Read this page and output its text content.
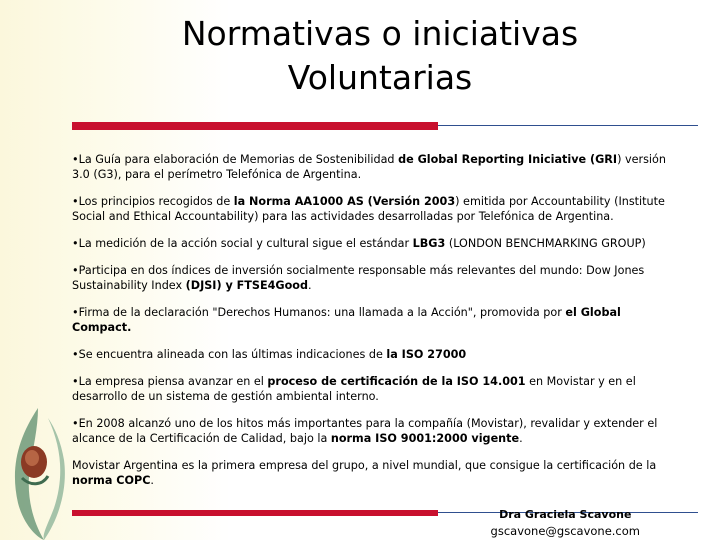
Normativas o iniciativas
Voluntarias

•La Guía para elaboración de Memorias de Sostenibilidad de Global Reporting Iniciative (GRI) versión 3.0 (G3), para el perímetro Telefónica de Argentina.

•Los principios recogidos de la Norma AA1000 AS (Versión 2003) emitida por Accountability (Institute Social and Ethical Accountability) para las actividades desarrolladas por Telefónica de Argentina.

•La medición de la acción social y cultural sigue el estándar LBG3 (LONDON BENCHMARKING GROUP)

•Participa en dos índices de inversión socialmente responsable más relevantes del mundo: Dow Jones Sustainability Index (DJSI) y FTSE4Good.

•Firma de la declaración "Derechos Humanos: una llamada a la Acción", promovida por el Global Compact.

•Se encuentra alineada con las últimas indicaciones de la ISO 27000

•La empresa piensa avanzar en el proceso de certificación de la ISO 14.001 en Movistar y en el desarrollo de un sistema de gestión ambiental interno.

•En 2008 alcanzó uno de los hitos más importantes para la compañía (Movistar), revalidar y extender el alcance de la Certificación de Calidad, bajo la norma ISO 9001:2000 vigente.

Movistar Argentina es la primera empresa del grupo, a nivel mundial, que consigue la certificación de la norma COPC.

Dra Graciela Scavone
gscavone@gscavone.com
